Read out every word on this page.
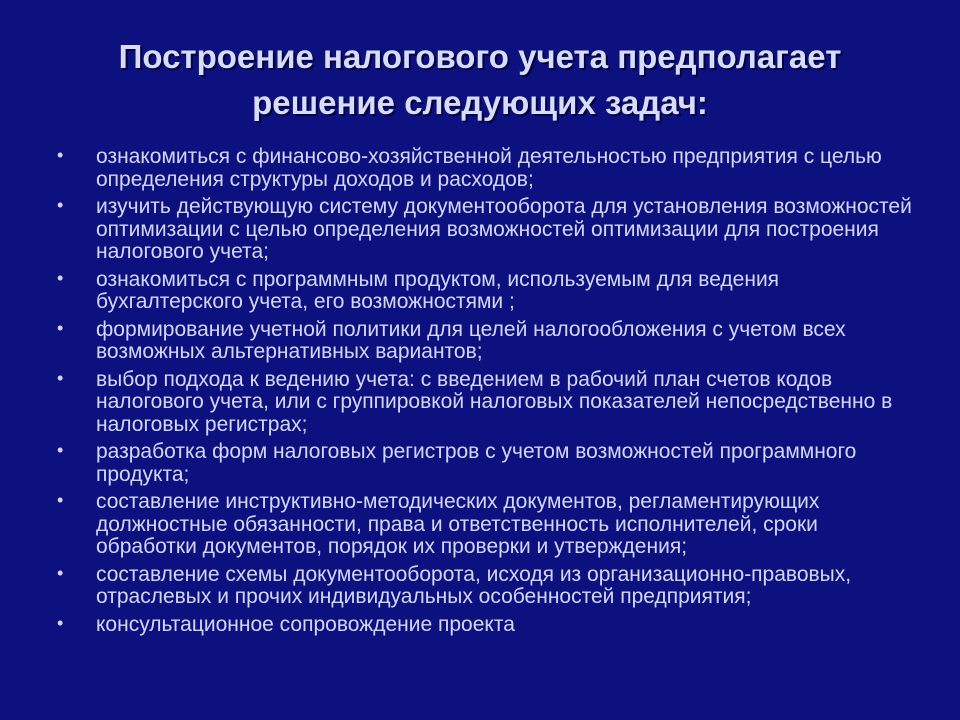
Построение налогового учета предполагает
решение следующих задач:
• ознакомиться с финансово-хозяйственной деятельностью предприятия с целью определения структуры доходов и расходов;
• изучить действующую систему документооборота для установления возможностей оптимизации с целью определения возможностей оптимизации для построения налогового учета;
• ознакомиться с программным продуктом, используемым для ведения бухгалтерского учета, его возможностями ;
• формирование учетной политики для целей налогообложения с учетом всех возможных альтернативных вариантов;
• выбор подхода к ведению учета: с введением в рабочий план счетов кодов налогового учета, или с группировкой налоговых показателей непосредственно в налоговых регистрах;
• разработка форм налоговых регистров с учетом возможностей программного продукта;
• составление инструктивно-методических документов, регламентирующих должностные обязанности, права и ответственность исполнителей, сроки обработки документов, порядок их проверки и утверждения;
• составление схемы документооборота, исходя из организационно-правовых, отраслевых и прочих индивидуальных особенностей предприятия;
• консультационное сопровождение проекта
